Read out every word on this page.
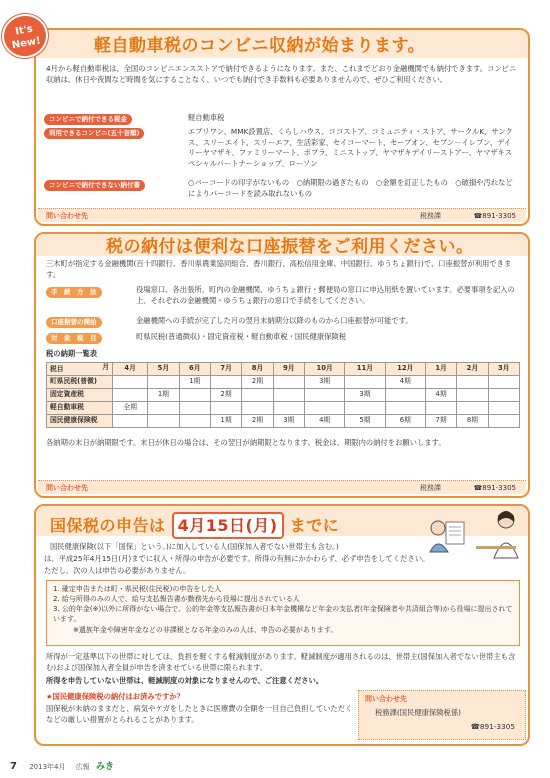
軽自動車税のコンビニ収納が始まります。
4月から軽自動車税は、全国のコンビニエンスストアで納付できるようになります。また、これまでどおり金融機関でも納付できます。コンビニ収納は、休日や夜間など時間を気にすることなく、いつでも納付でき手数料も必要ありませんので、ぜひご利用ください。
コンビニで納付できる税金	軽自動車税
利用できるコンビニ(五十音順)	エブリワン、MMK設置店、くらしハウス、ココストア、コミュニティ・ストア、サークルK、サンクス、スリーエイト、スリーエフ、生活彩家、セイコーマート、セーブオン、セブン－イレブン、デイリーヤマザキ、ファミリーマート、ポプラ、ミニストップ、ヤマザキデイリーストアー、ヤマザキスペシャルパートナーショップ、ローソン
コンビニで納付できない納付書	○バーコードの印字がないもの　○納期限の過ぎたもの　○金額を訂正したもの　○破損や汚れなどによりバーコードを読み取れないもの
問い合わせ先	税務課	☎891-3305
It's New!
税の納付は便利な口座振替をご利用ください。
三木町が指定する金融機関(百十四銀行、香川県農業協同組合、香川銀行、高松信用金庫、中国銀行、ゆうちょ銀行)で、口座振替が利用できます。
手　続　方　法	役場窓口、各出張所、町内の金融機関、ゆうちょ銀行・郵便局の窓口に申込用紙を置いています。必要事項を記入の上、それぞれの金融機関・ゆうちょ銀行の窓口で手続をしてください。
口座振替の開始	金融機関への手続が完了した月の翌月末納期分以降のものから口座振替が可能です。
対　象　税　目	町県民税(普通徴収)・固定資産税・軽自動車税・国民健康保険税
税の納期一覧表
月
税目	4月	5月	6月	7月	8月	9月	10月	11月	12月	1月	2月	3月
町県民税(普徴)			1期		2期		3期		4期			
固定資産税		1期		2期				3期		4期		
軽自動車税	全期											
国民健康保険税				1期	2期	3期	4期	5期	6期	7期	8期	
各納期の末日が納期限です。末日が休日の場合は、その翌日が納期限となります。税金は、期限内の納付をお願いします。
問い合わせ先	税務課	☎891-3305
国保税の申告は 4月15日(月) までに
国民健康保険(以下「国保」という。)に加入している人(国保加入者でない世帯主も含む。)
は、平成25年4月15日(月)までに収入・所得の申告が必要です。所得の有無にかかわらず、必ず申告をしてください。
ただし、次の人は申告の必要がありません。
1. 確定申告または町・県民税(住民税)の申告をした人
2. 給与所得のみの人で、給与支払報告書が勤務先から役場に提出されている人
3. 公的年金(※)以外に所得がない場合で、公的年金等支払報告書が日本年金機構など年金の支払者(年金保険者や共済組合等)から役場に提出されています。
※遺族年金や障害年金などの非課税となる年金のみの人は、申告の必要があります。
所得が一定基準以下の世帯に対しては、負担を軽くする軽減制度があります。軽減制度が適用されるのは、世帯主(国保加入者でない世帯主も含む)および国保加入者全員が申告を済ませている世帯に限られます。
所得を申告していない世帯は、軽減制度の対象になりませんので、ご注意ください。
★国民健康保険税の納付はお済みですか？
国保税が未納のままだと、病気やケガをしたときに医療費の全額を一旦自己負担していただくなどの厳しい措置がとられることがあります。
問い合わせ先
税務課(国民健康保険税係)
☎891-3305
7 2013年4月 広報 みき
